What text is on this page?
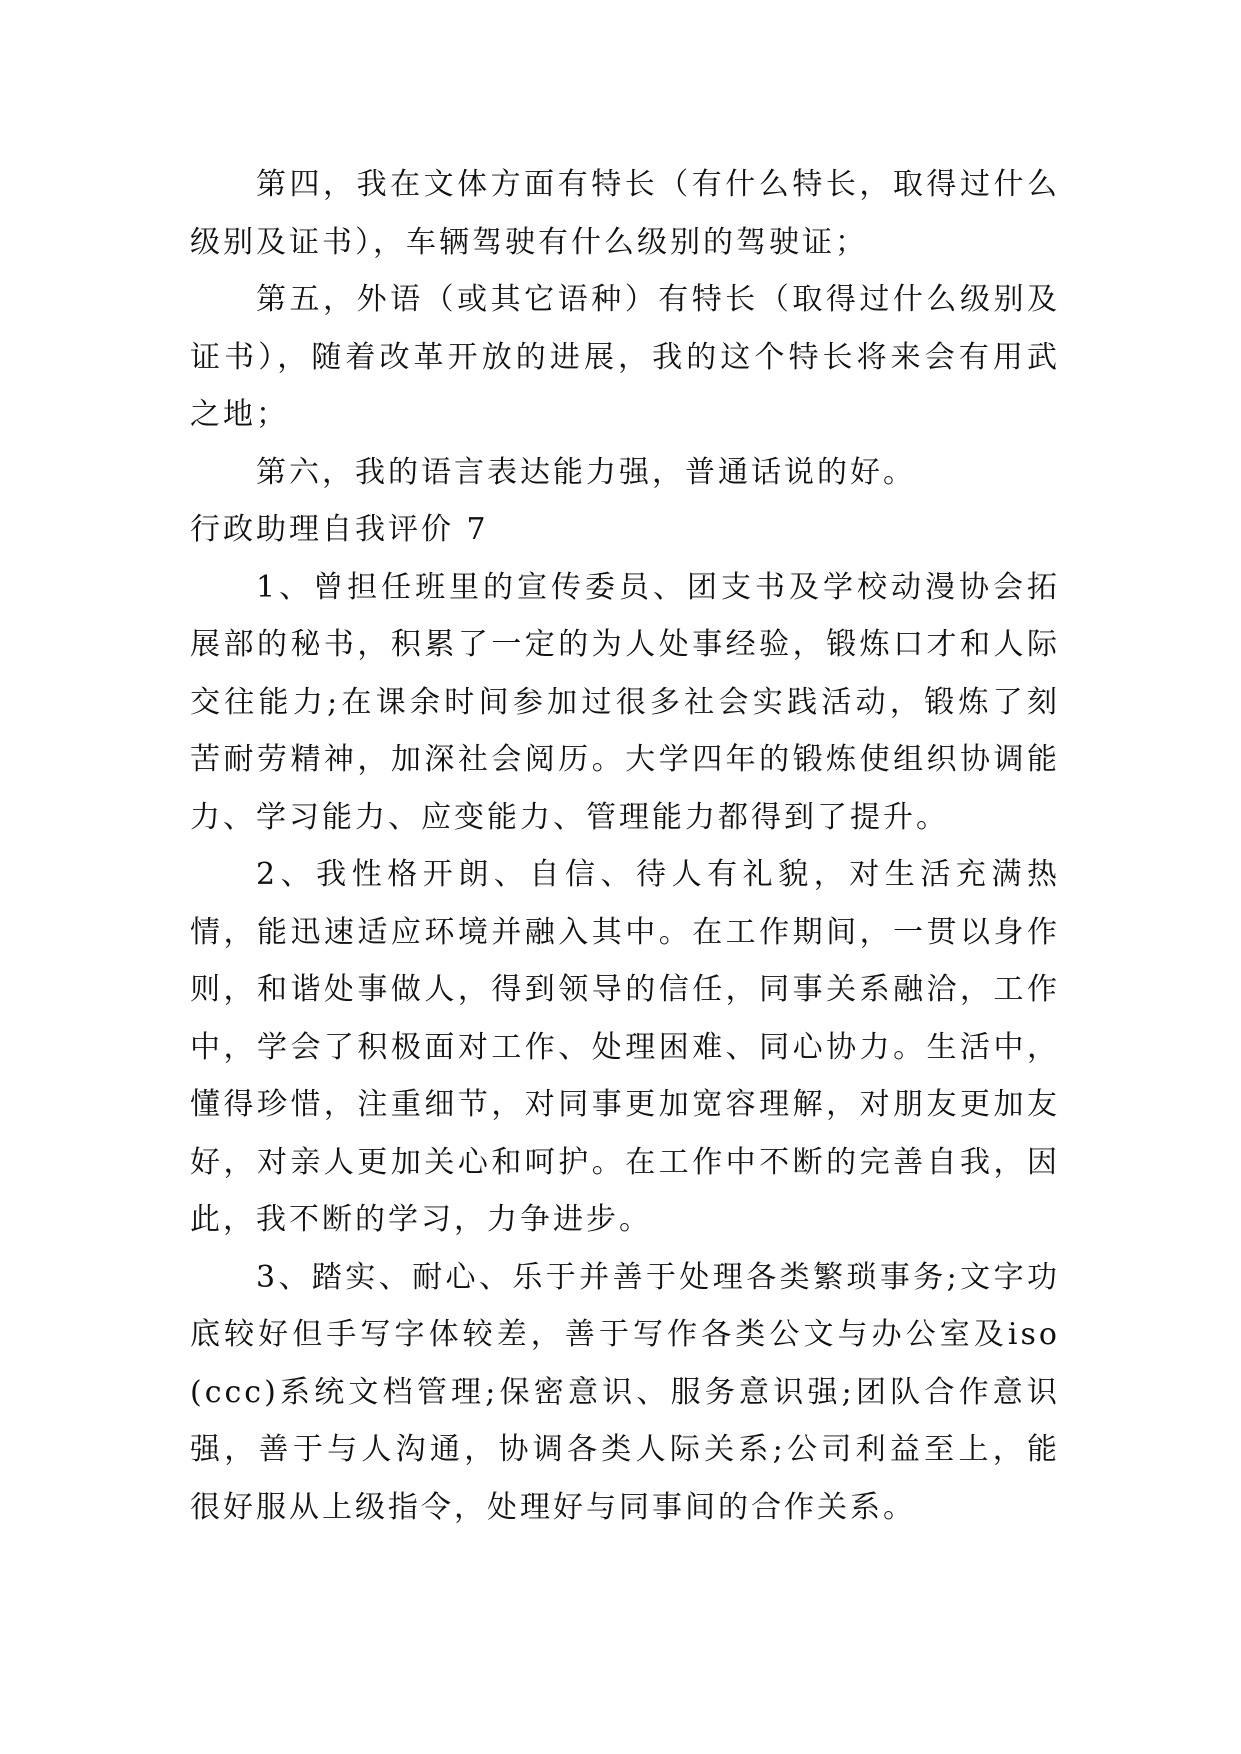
第四，我在文体方面有特长（有什么特长，取得过什么级别及证书），车辆驾驶有什么级别的驾驶证；

第五，外语（或其它语种）有特长（取得过什么级别及证书），随着改革开放的进展，我的这个特长将来会有用武之地；

第六，我的语言表达能力强，普通话说的好。

行政助理自我评价 7

1、曾担任班里的宣传委员、团支书及学校动漫协会拓展部的秘书，积累了一定的为人处事经验，锻炼口才和人际交往能力;在课余时间参加过很多社会实践活动，锻炼了刻苦耐劳精神，加深社会阅历。大学四年的锻炼使组织协调能力、学习能力、应变能力、管理能力都得到了提升。

2、我性格开朗、自信、待人有礼貌，对生活充满热情，能迅速适应环境并融入其中。在工作期间，一贯以身作则，和谐处事做人，得到领导的信任，同事关系融洽，工作中，学会了积极面对工作、处理困难、同心协力。生活中，懂得珍惜，注重细节，对同事更加宽容理解，对朋友更加友好，对亲人更加关心和呵护。在工作中不断的完善自我，因此，我不断的学习，力争进步。

3、踏实、耐心、乐于并善于处理各类繁琐事务;文字功底较好但手写字体较差，善于写作各类公文与办公室及iso(ccc)系统文档管理;保密意识、服务意识强;团队合作意识强，善于与人沟通，协调各类人际关系;公司利益至上，能很好服从上级指令，处理好与同事间的合作关系。
